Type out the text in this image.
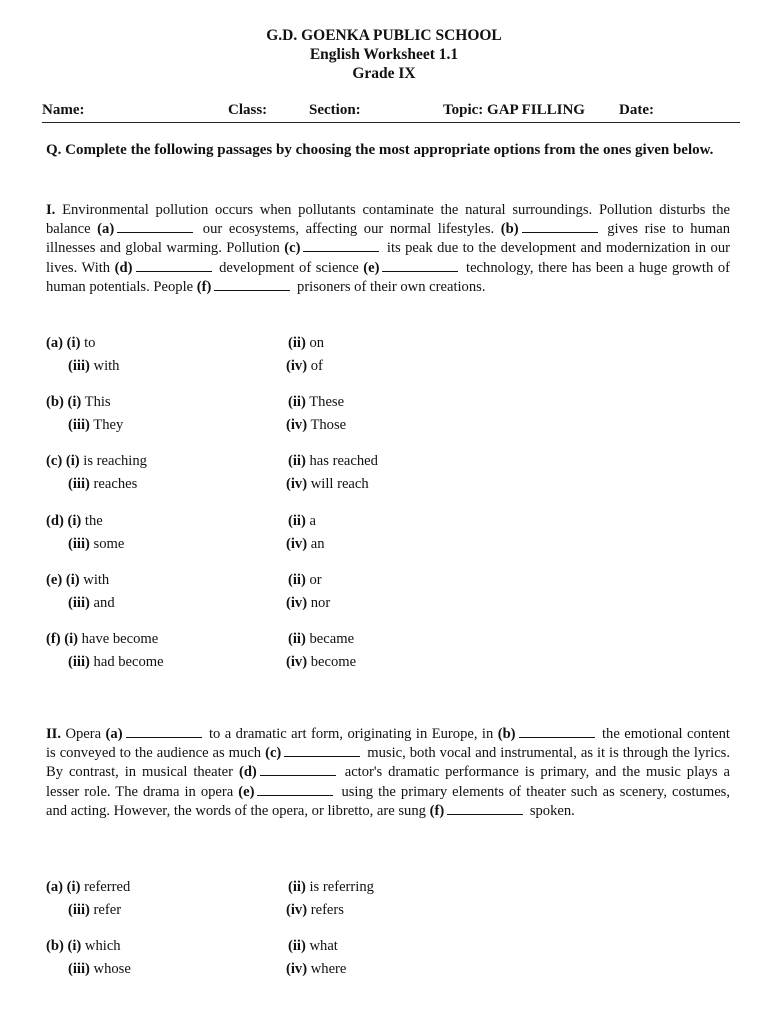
G.D. GOENKA PUBLIC SCHOOL
English Worksheet 1.1
Grade IX
Name:	Class:	Section:	Topic: GAP FILLING Date:
Q. Complete the following passages by choosing the most appropriate options from the ones given below.
I. Environmental pollution occurs when pollutants contaminate the natural surroundings. Pollution disturbs the balance (a)	our ecosystems, affecting our normal lifestyles. (b)	gives rise to human illnesses and global warming. Pollution (c)	its peak due to the development and modernization in our lives. With (d)	development of science (e)	technology, there has been a huge growth of human potentials. People (f)	prisoners of their own creations.
(a) (i) to	(ii) on
(iii) with	(iv) of
(b) (i) This	(ii) These
(iii) They	(iv) Those
(c) (i) is reaching	(ii) has reached
(iii) reaches	(iv) will reach
(d) (i) the	(ii) a
(iii) some	(iv) an
(e) (i) with	(ii) or
(iii) and	(iv) nor
(f) (i) have become	(ii) became
(iii) had become	(iv) become
II. Opera (a)	to a dramatic art form, originating in Europe, in (b)	the emotional content is conveyed to the audience as much (c)	music, both vocal and instrumental, as it is through the lyrics. By contrast, in musical theater (d)	actor's dramatic performance is primary, and the music plays a lesser role. The drama in opera (e)	using the primary elements of theater such as scenery, costumes, and acting. However, the words of the opera, or libretto, are sung (f)	spoken.
(a) (i) referred	(ii) is referring
(iii) refer	(iv) refers
(b) (i) which	(ii) what
(iii) whose	(iv) where
